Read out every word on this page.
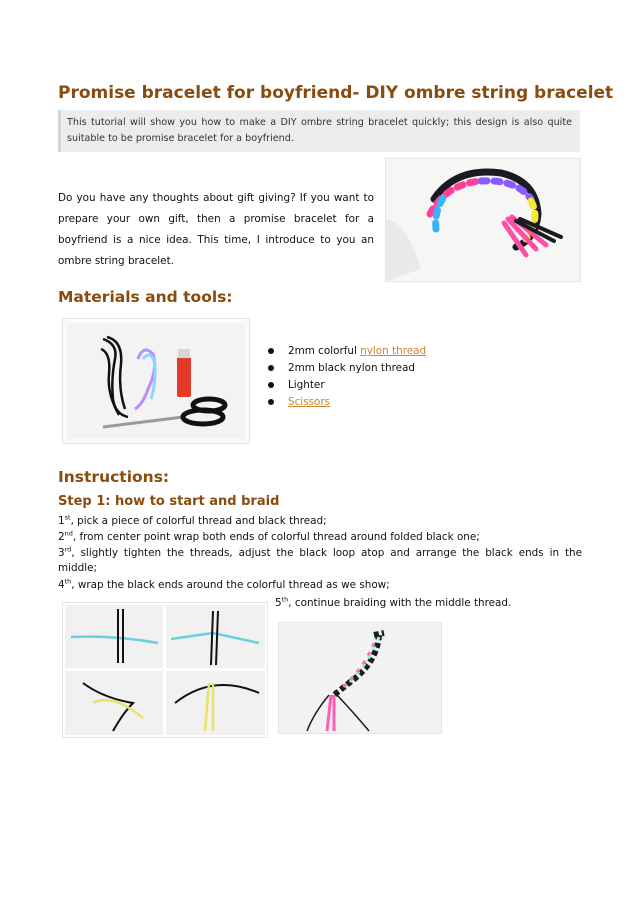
Promise bracelet for boyfriend- DIY ombre string bracelet
This tutorial will show you how to make a DIY ombre string bracelet quickly; this design is also quite suitable to be promise bracelet for a boyfriend.
Do you have any thoughts about gift giving? If you want to prepare your own gift, then a promise bracelet for a boyfriend is a nice idea. This time, I introduce to you an ombre string bracelet.
Materials and tools:
2mm colorful nylon thread
2mm black nylon thread
Lighter
Scissors
Instructions:
Step 1: how to start and braid
1st, pick a piece of colorful thread and black thread;
2nd, from center point wrap both ends of colorful thread around folded black one;
3rd, slightly tighten the threads, adjust the black loop atop and arrange the black ends in the middle;
4th, wrap the black ends around the colorful thread as we show;
5th, continue braiding with the middle thread.
